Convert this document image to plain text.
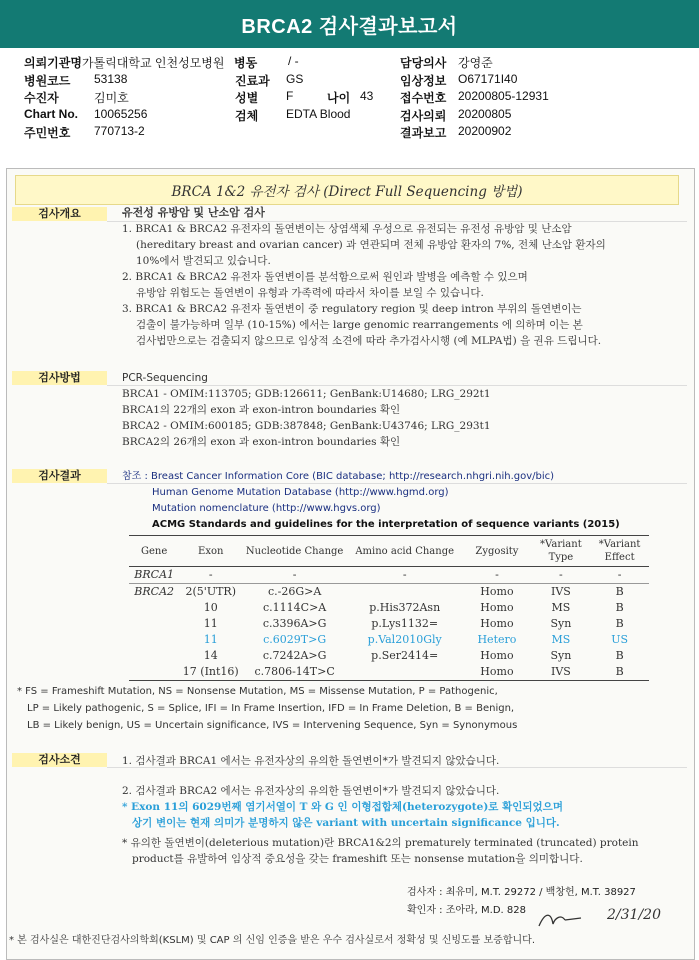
BRCA2 검사결과보고서
의뢰기관명 가톨릭대학교 인천성모병원 병동	/ -	담당의사 강영준
병원코드 53138	진료과 GS	임상정보 O67171I40
수진자	김미호	성별 F	나이 43 접수번호 20200805-12931
Chart No. 10065256	검체 EDTA Blood	검사의뢰 20200805
주민번호 770713-2	결과보고 20200902
BRCA 1&2 유전자 검사 (Direct Full Sequencing 방법)
검사개요	유전성 유방암 및 난소암 검사
1. BRCA1 & BRCA2 유전자의 돌연변이는 상염색체 우성으로 유전되는 유전성 유방암 및 난소암
(hereditary breast and ovarian cancer) 과 연관되며 전체 유방암 환자의 7%, 전체 난소암 환자의
10%에서 발견되고 있습니다.
2. BRCA1 & BRCA2 유전자 돌연변이를 분석함으로써 원인과 발병을 예측할 수 있으며
유방암 위험도는 돌연변이 유형과 가족력에 따라서 차이를 보일 수 있습니다.
3. BRCA1 & BRCA2 유전자 돌연변이 중 regulatory region 및 deep intron 부위의 돌연변이는
검출이 불가능하며 일부 (10-15%) 에서는 large genomic rearrangements 에 의하며 이는 본
검사법만으로는 검출되지 않으므로 임상적 소견에 따라 추가검사시행 (예 MLPA법) 을 권유 드립니다.
검사방법	PCR-Sequencing
BRCA1 - OMIM:113705; GDB:126611; GenBank:U14680; LRG_292t1
BRCA1의 22개의 exon 과 exon-intron boundaries 확인
BRCA2 - OMIM:600185; GDB:387848; GenBank:U43746; LRG_293t1
BRCA2의 26개의 exon 과 exon-intron boundaries 확인
검사결과	참조 : Breast Cancer Information Core (BIC database; http://research.nhgri.nih.gov/bic)
Human Genome Mutation Database (http://www.hgmd.org)
Mutation nomenclature (http://www.hgvs.org)
ACMG Standards and guidelines for the interpretation of sequence variants (2015)
Gene	Exon	Nucleotide Change	Amino acid Change	Zygosity	*Variant Type	*Variant Effect
BRCA1	-	-	-	-	-	-
BRCA2	2(5'UTR)	c.-26G>A		Homo	IVS	B
	10	c.1114C>A	p.His372Asn	Homo	MS	B
	11	c.3396A>G	p.Lys1132=	Homo	Syn	B
	11	c.6029T>G	p.Val2010Gly	Hetero	MS	US
	14	c.7242A>G	p.Ser2414=	Homo	Syn	B
	17 (Int16)	c.7806-14T>C		Homo	IVS	B
* FS = Frameshift Mutation, NS = Nonsense Mutation, MS = Missense Mutation, P = Pathogenic,
LP = Likely pathogenic, S = Splice, IFI = In Frame Insertion, IFD = In Frame Deletion, B = Benign,
LB = Likely benign, US = Uncertain significance, IVS = Intervening Sequence, Syn = Synonymous
검사소견	1. 검사결과 BRCA1 에서는 유전자상의 유의한 돌연변이*가 발견되지 않았습니다.
2. 검사결과 BRCA2 에서는 유전자상의 유의한 돌연변이*가 발견되지 않았습니다.
* Exon 11의 6029번째 염기서열이 T 와 G 인 이형접합체(heterozygote)로 확인되었으며
상기 변이는 현재 의미가 분명하지 않은 variant with uncertain significance 입니다.
* 유의한 돌연변이(deleterious mutation)란 BRCA1&2의 prematurely terminated (truncated) protein
product를 유발하여 임상적 중요성을 갖는 frameshift 또는 nonsense mutation을 의미합니다.
검사자 : 최유미, M.T. 29272 / 백창헌, M.T. 38927
확인자 : 조아라, M.D. 828	2/31/20
* 본 검사실은 대한진단검사의학회(KSLM) 및 CAP 의 신임 인증을 받은 우수 검사실로서 정확성 및 신빙도를 보증합니다.
